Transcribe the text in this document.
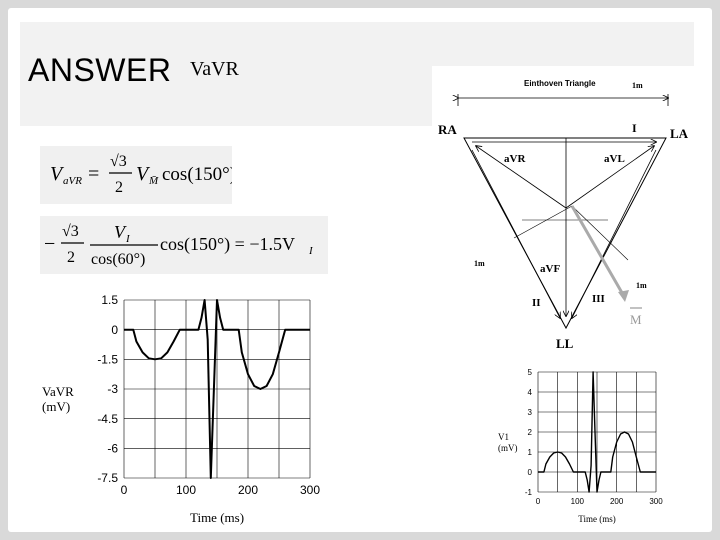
ANSWER VaVR
V aVR =
√3
2
V M̄ cos(150°)
−
√3
2
V I
cos(60°)
cos(150°) = −1.5V I
Einthoven Triangle	1m
RA	LA
LL
I
II	III
aVR	aVL
aVF
M
1m
1m
1.5
0
-1.5
-3
-4.5
-6
-7.5
0	100	200	300
Time (ms)
VaVR
(mV)
5
4
3
2
1
0
-1
0	100	200	300
Time (ms)
V1
(mV)
